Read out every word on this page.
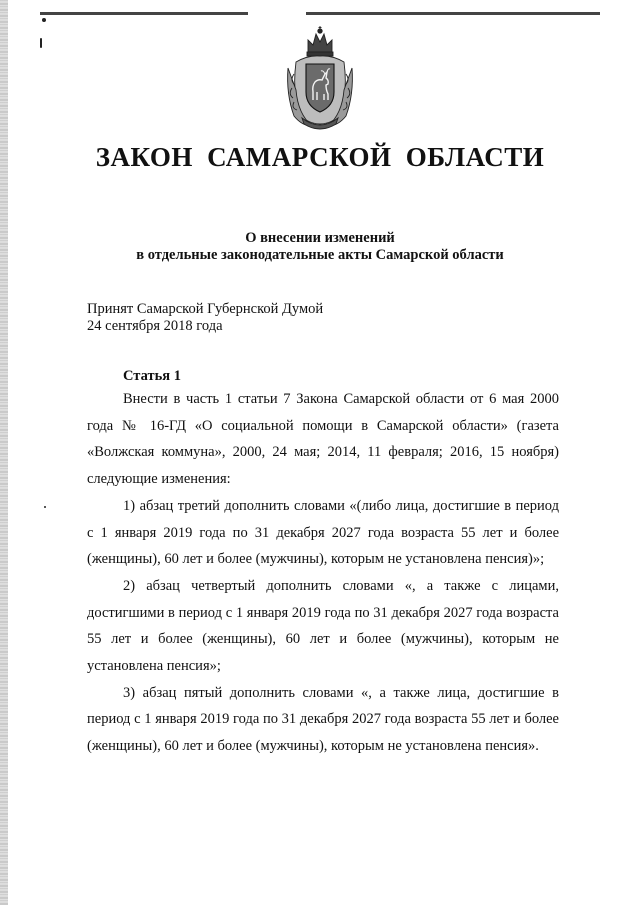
ЗАКОН САМАРСКОЙ ОБЛАСТИ
О внесении изменений
в отдельные законодательные акты Самарской области
Принят Самарской Губернской Думой
24 сентября 2018 года
Статья 1

Внести в часть 1 статьи 7 Закона Самарской области от 6 мая 2000 года № 16-ГД «О социальной помощи в Самарской области» (газета «Волжская коммуна», 2000, 24 мая; 2014, 11 февраля; 2016, 15 ноября) следующие изменения:

1) абзац третий дополнить словами «(либо лица, достигшие в период с 1 января 2019 года по 31 декабря 2027 года возраста 55 лет и более (женщины), 60 лет и более (мужчины), которым не установлена пенсия)»;

2) абзац четвертый дополнить словами «, а также с лицами, достигшими в период с 1 января 2019 года по 31 декабря 2027 года возраста 55 лет и более (женщины), 60 лет и более (мужчины), которым не установлена пенсия»;

3) абзац пятый дополнить словами «, а также лица, достигшие в период с 1 января 2019 года по 31 декабря 2027 года возраста 55 лет и более (женщины), 60 лет и более (мужчины), которым не установлена пенсия».
